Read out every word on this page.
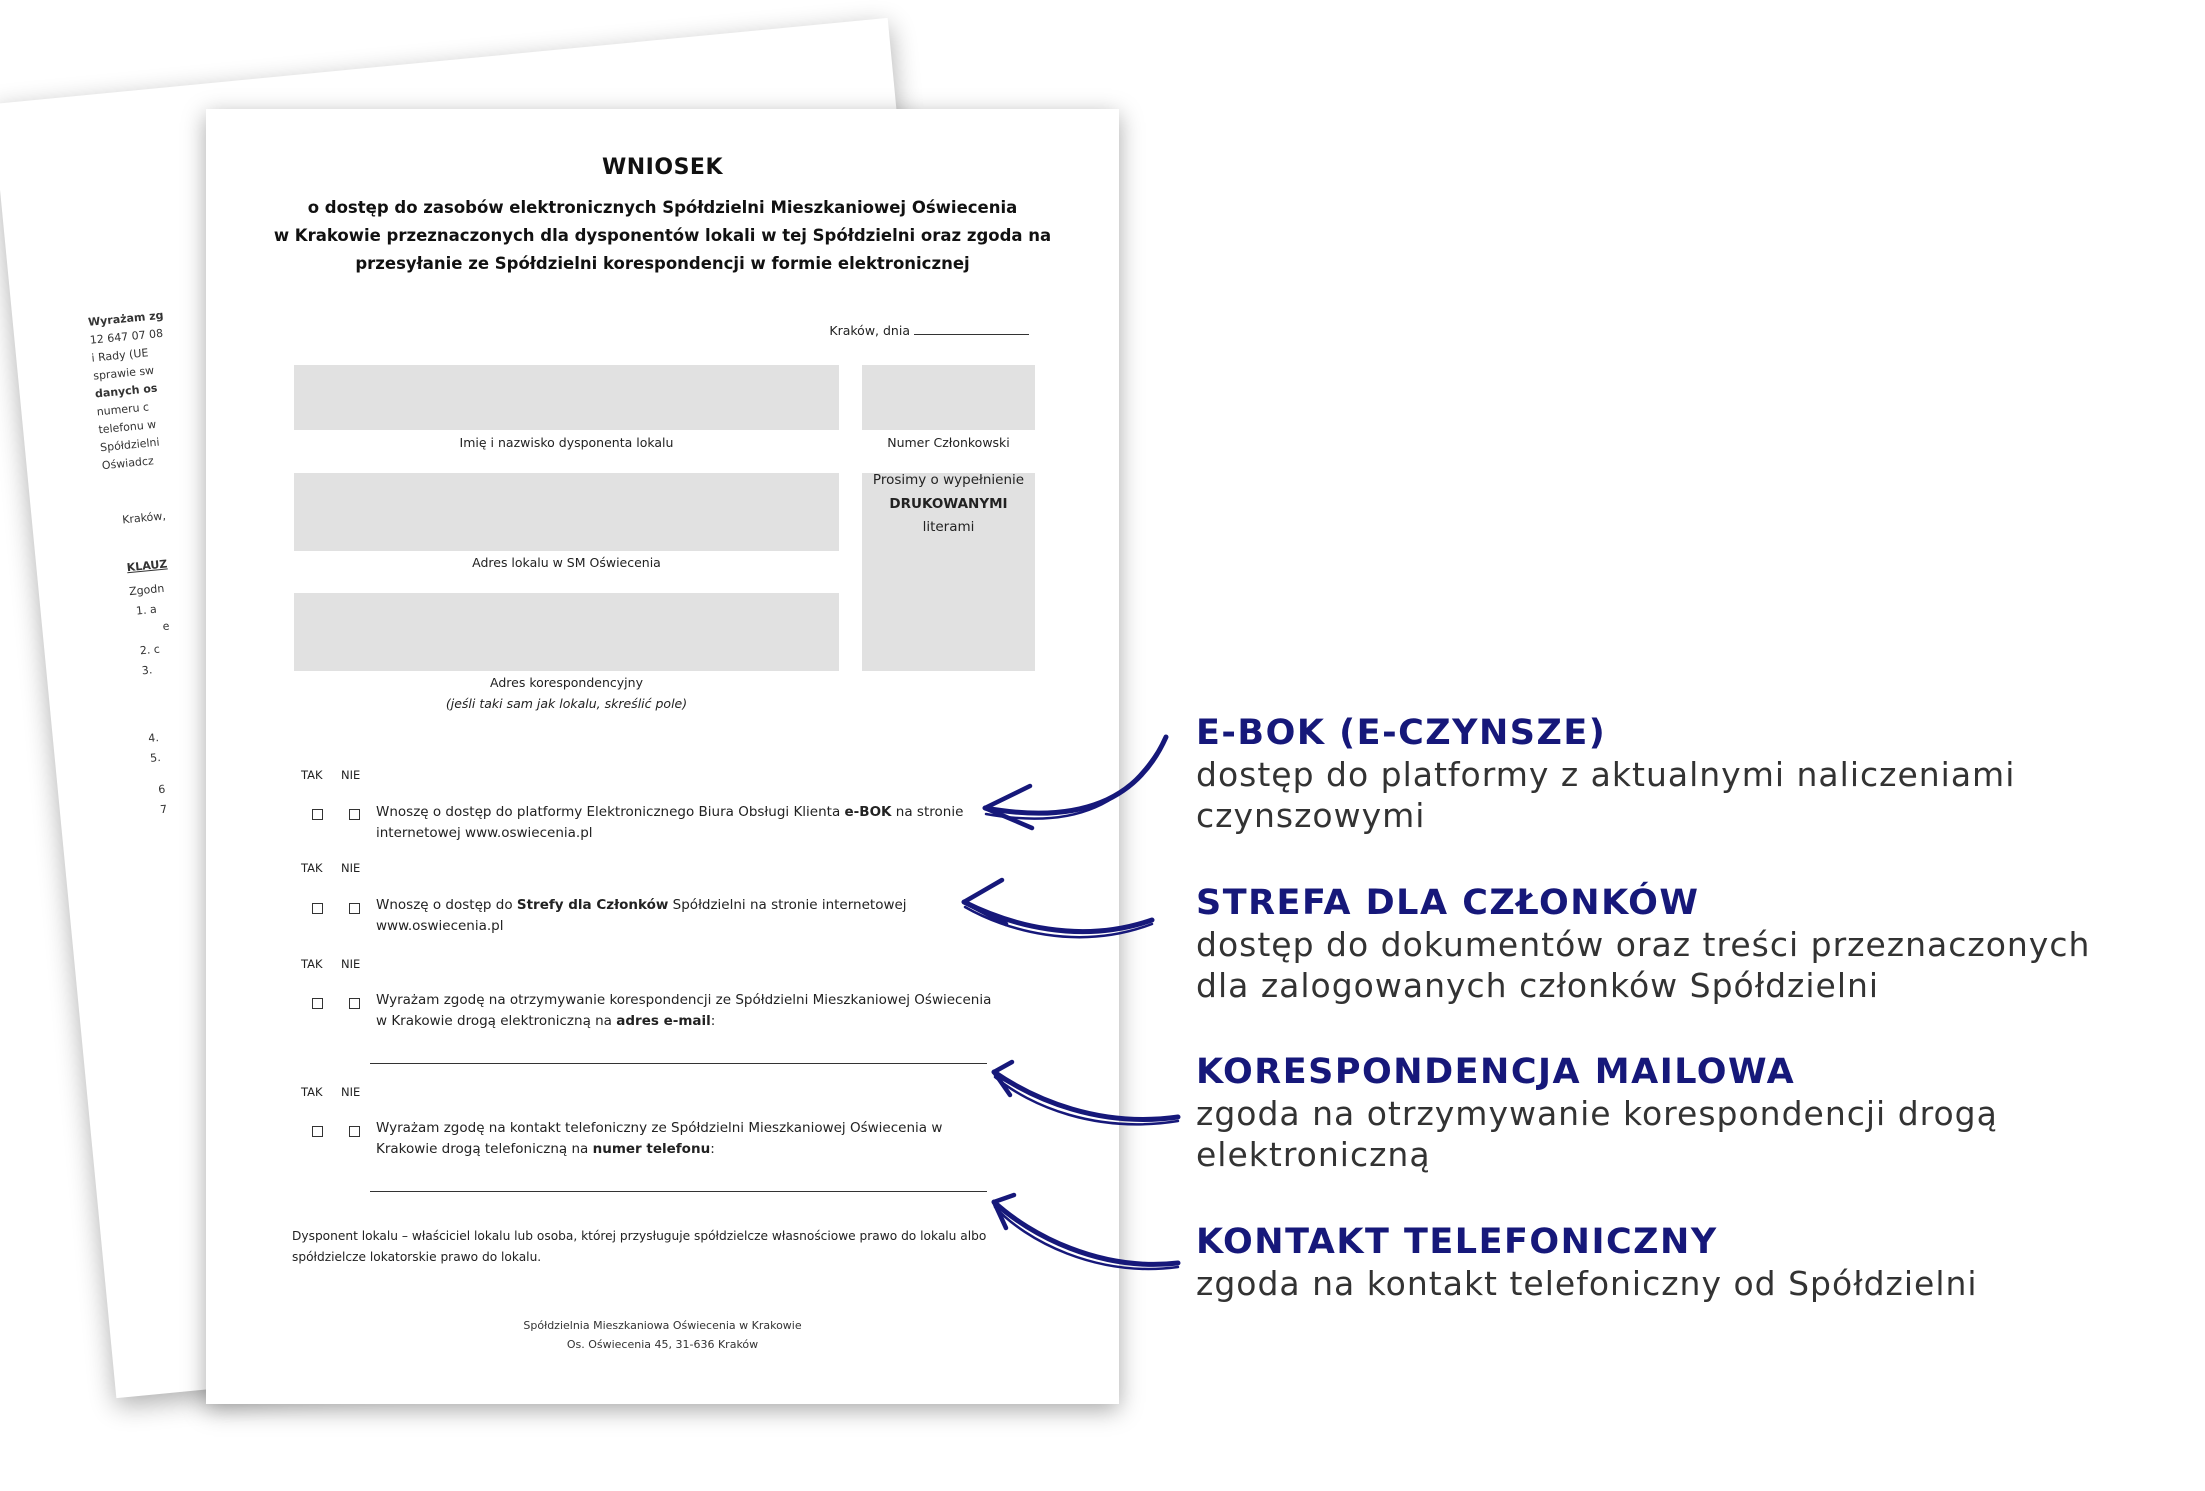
Wyrażam zg
12 647 07 08
i Rady (UE
sprawie sw
danych os
numeru c
telefonu w
Spółdzielni
Oświadcz
Kraków,
KLAUZ
Zgodn
1. a
e
2. c
3.
4.
5.
6
7
WNIOSEK
o dostęp do zasobów elektronicznych Spółdzielni Mieszkaniowej Oświecenia
w Krakowie przeznaczonych dla dysponentów lokali w tej Spółdzielni oraz zgoda na
przesyłanie ze Spółdzielni korespondencji w formie elektronicznej
Kraków, dnia
Imię i nazwisko dysponenta lokalu	Numer Członkowski
Adres lokalu w SM Oświecenia
Adres korespondencyjny
(jeśli taki sam jak lokalu, skreślić pole)
Prosimy o wypełnienie
DRUKOWANYMI
literami
TAK NIE
Wnoszę o dostęp do platformy Elektronicznego Biura Obsługi Klienta e-BOK na stronie internetowej www.oswiecenia.pl
TAK NIE
Wnoszę o dostęp do Strefy dla Członków Spółdzielni na stronie internetowej www.oswiecenia.pl
TAK NIE
Wyrażam zgodę na otrzymywanie korespondencji ze Spółdzielni Mieszkaniowej Oświecenia w Krakowie drogą elektroniczną na adres e-mail:
TAK NIE
Wyrażam zgodę na kontakt telefoniczny ze Spółdzielni Mieszkaniowej Oświecenia w Krakowie drogą telefoniczną na numer telefonu:
Dysponent lokalu – właściciel lokalu lub osoba, której przysługuje spółdzielcze własnościowe prawo do lokalu albo spółdzielcze lokatorskie prawo do lokalu.
Spółdzielnia Mieszkaniowa Oświecenia w Krakowie
Os. Oświecenia 45, 31-636 Kraków
E-BOK (E-CZYNSZE)
dostęp do platformy z aktualnymi naliczeniami
czynszowymi
STREFA DLA CZŁONKÓW
dostęp do dokumentów oraz treści przeznaczonych
dla zalogowanych członków Spółdzielni
KORESPONDENCJA MAILOWA
zgoda na otrzymywanie korespondencji drogą
elektroniczną
KONTAKT TELEFONICZNY
zgoda na kontakt telefoniczny od Spółdzielni
